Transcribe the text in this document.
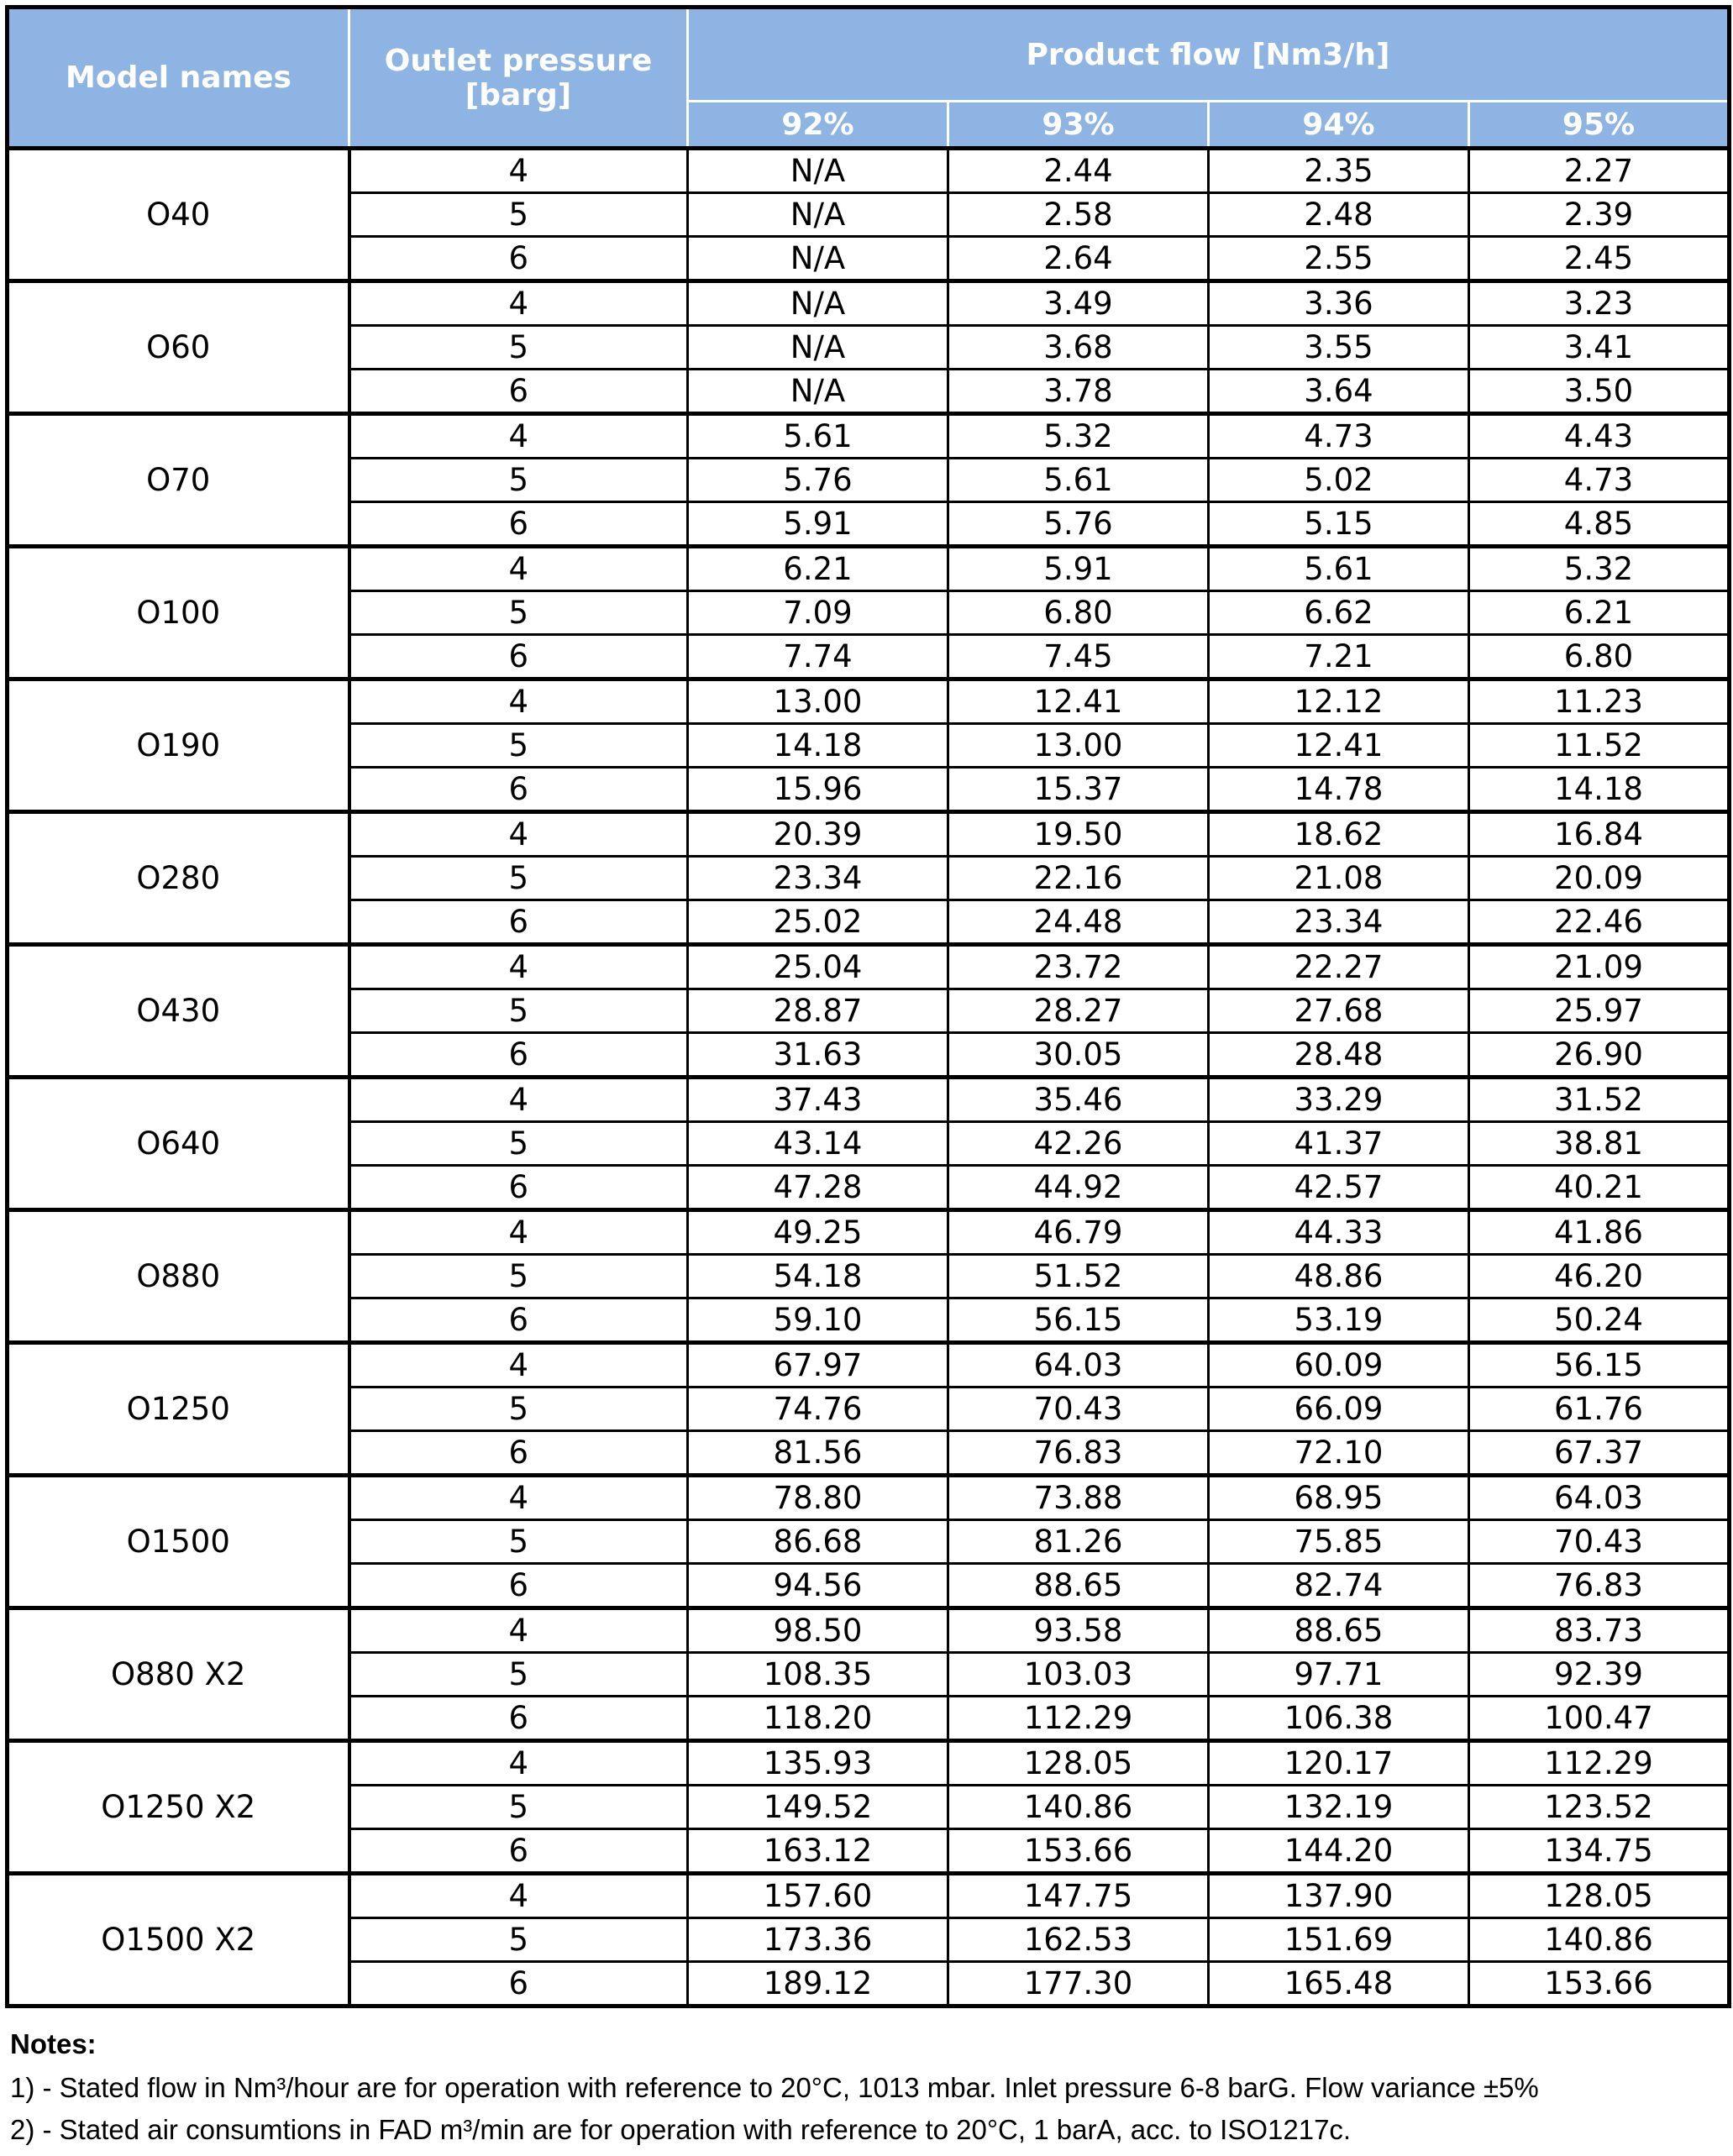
Model names	Outlet pressure [barg]	Product flow [Nm3/h]			
		92%	93%	94%	95%
O40	4	N/A	2.44	2.35	2.27
	5	N/A	2.58	2.48	2.39
	6	N/A	2.64	2.55	2.45
O60	4	N/A	3.49	3.36	3.23
	5	N/A	3.68	3.55	3.41
	6	N/A	3.78	3.64	3.50
O70	4	5.61	5.32	4.73	4.43
	5	5.76	5.61	5.02	4.73
	6	5.91	5.76	5.15	4.85
O100	4	6.21	5.91	5.61	5.32
	5	7.09	6.80	6.62	6.21
	6	7.74	7.45	7.21	6.80
O190	4	13.00	12.41	12.12	11.23
	5	14.18	13.00	12.41	11.52
	6	15.96	15.37	14.78	14.18
O280	4	20.39	19.50	18.62	16.84
	5	23.34	22.16	21.08	20.09
	6	25.02	24.48	23.34	22.46
O430	4	25.04	23.72	22.27	21.09
	5	28.87	28.27	27.68	25.97
	6	31.63	30.05	28.48	26.90
O640	4	37.43	35.46	33.29	31.52
	5	43.14	42.26	41.37	38.81
	6	47.28	44.92	42.57	40.21
O880	4	49.25	46.79	44.33	41.86
	5	54.18	51.52	48.86	46.20
	6	59.10	56.15	53.19	50.24
O1250	4	67.97	64.03	60.09	56.15
	5	74.76	70.43	66.09	61.76
	6	81.56	76.83	72.10	67.37
O1500	4	78.80	73.88	68.95	64.03
	5	86.68	81.26	75.85	70.43
	6	94.56	88.65	82.74	76.83
O880 X2	4	98.50	93.58	88.65	83.73
	5	108.35	103.03	97.71	92.39
	6	118.20	112.29	106.38	100.47
O1250 X2	4	135.93	128.05	120.17	112.29
	5	149.52	140.86	132.19	123.52
	6	163.12	153.66	144.20	134.75
O1500 X2	4	157.60	147.75	137.90	128.05
	5	173.36	162.53	151.69	140.86
	6	189.12	177.30	165.48	153.66
Notes:
1) - Stated flow in Nm³/hour are for operation with reference to 20°C, 1013 mbar. Inlet pressure 6-8 barG. Flow variance ±5%
2) - Stated air consumtions in FAD m³/min are for operation with reference to 20°C, 1 barA, acc. to ISO1217c.
